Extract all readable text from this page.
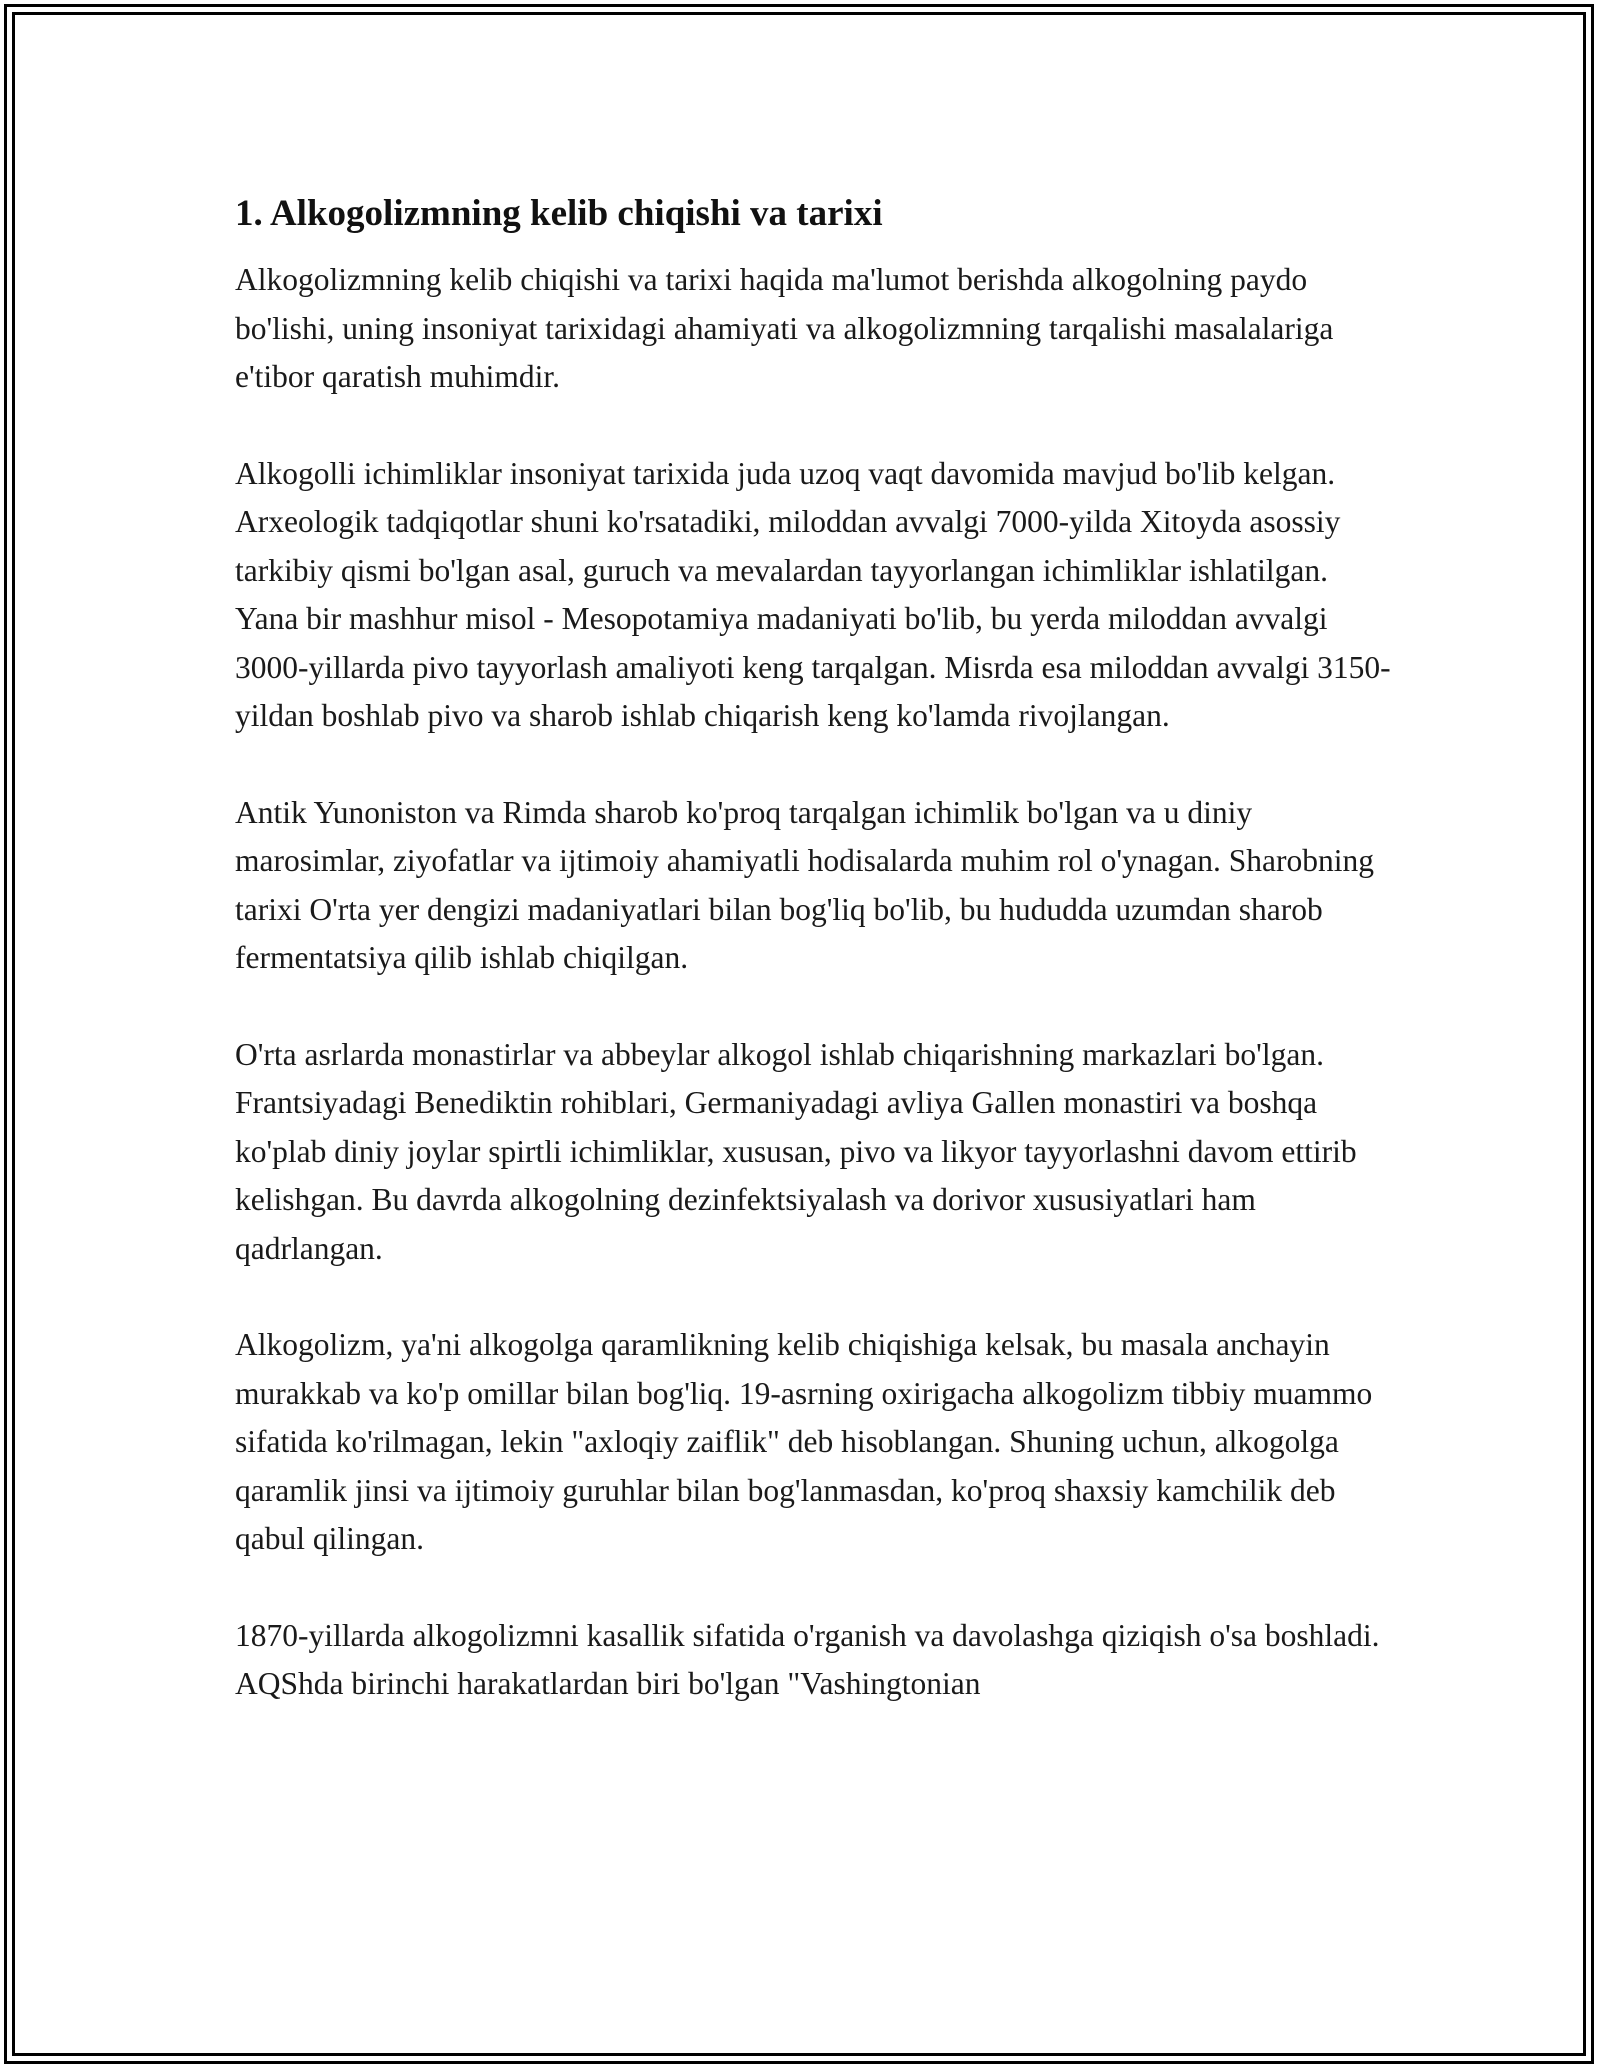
1. Alkogolizmning kelib chiqishi va tarixi

Alkogolizmning kelib chiqishi va tarixi haqida ma'lumot berishda alkogolning paydo bo'lishi, uning insoniyat tarixidagi ahamiyati va alkogolizmning tarqalishi masalalariga e'tibor qaratish muhimdir.

Alkogolli ichimliklar insoniyat tarixida juda uzoq vaqt davomida mavjud bo'lib kelgan. Arxeologik tadqiqotlar shuni ko'rsatadiki, miloddan avvalgi 7000-yilda Xitoyda asossiy tarkibiy qismi bo'lgan asal, guruch va mevalardan tayyorlangan ichimliklar ishlatilgan. Yana bir mashhur misol - Mesopotamiya madaniyati bo'lib, bu yerda miloddan avvalgi 3000-yillarda pivo tayyorlash amaliyoti keng tarqalgan. Misrda esa miloddan avvalgi 3150-yildan boshlab pivo va sharob ishlab chiqarish keng ko'lamda rivojlangan.

Antik Yunoniston va Rimda sharob ko'proq tarqalgan ichimlik bo'lgan va u diniy marosimlar, ziyofatlar va ijtimoiy ahamiyatli hodisalarda muhim rol o'ynagan. Sharobning tarixi O'rta yer dengizi madaniyatlari bilan bog'liq bo'lib, bu hududda uzumdan sharob fermentatsiya qilib ishlab chiqilgan.

O'rta asrlarda monastirlar va abbeylar alkogol ishlab chiqarishning markazlari bo'lgan. Frantsiyadagi Benediktin rohiblari, Germaniyadagi avliya Gallen monastiri va boshqa ko'plab diniy joylar spirtli ichimliklar, xususan, pivo va likyor tayyorlashni davom ettirib kelishgan. Bu davrda alkogolning dezinfektsiyalash va dorivor xususiyatlari ham qadrlangan.

Alkogolizm, ya'ni alkogolga qaramlikning kelib chiqishiga kelsak, bu masala anchayin murakkab va ko'p omillar bilan bog'liq. 19-asrning oxirigacha alkogolizm tibbiy muammo sifatida ko'rilmagan, lekin "axloqiy zaiflik" deb hisoblangan. Shuning uchun, alkogolga qaramlik jinsi va ijtimoiy guruhlar bilan bog'lanmasdan, ko'proq shaxsiy kamchilik deb qabul qilingan.

1870-yillarda alkogolizmni kasallik sifatida o'rganish va davolashga qiziqish o'sa boshladi. AQShda birinchi harakatlardan biri bo'lgan "Vashingtonian
